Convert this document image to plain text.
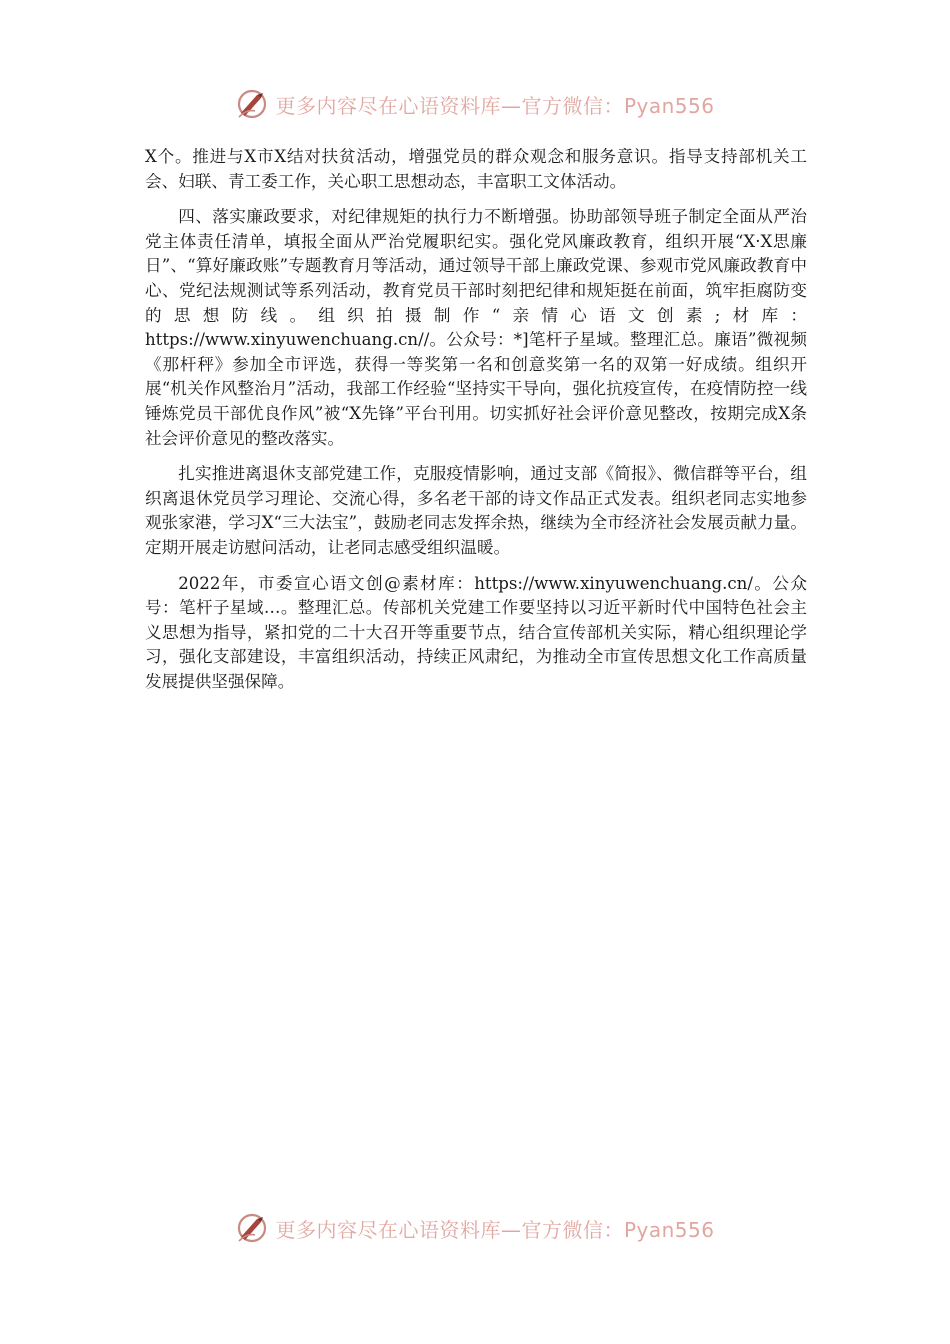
更多内容尽在心语资料库—官方微信：Pyan556

X个。推进与X市X结对扶贫活动，增强党员的群众观念和服务意识。指导支持部机关工会、妇联、青工委工作，关心职工思想动态，丰富职工文体活动。

四、落实廉政要求，对纪律规矩的执行力不断增强。协助部领导班子制定全面从严治党主体责任清单，填报全面从严治党履职纪实。强化党风廉政教育，组织开展“X·X思廉日”、“算好廉政账”专题教育月等活动，通过领导干部上廉政党课、参观市党风廉政教育中心、党纪法规测试等系列活动，教育党员干部时刻把纪律和规矩挺在前面，筑牢拒腐防变的思想防线。组织拍摄制作“亲情心语文创素;材库：https://www.xinyuwenchuang.cn//。公众号：*]笔杆子星域。整理汇总。廉语”微视频《那杆秤》参加全市评选，获得一等奖第一名和创意奖第一名的双第一好成绩。组织开展“机关作风整治月”活动，我部工作经验“坚持实干导向，强化抗疫宣传，在疫情防控一线锤炼党员干部优良作风”被“X先锋”平台刊用。切实抓好社会评价意见整改，按期完成X条社会评价意见的整改落实。

扎实推进离退休支部党建工作，克服疫情影响，通过支部《简报》、微信群等平台，组织离退休党员学习理论、交流心得，多名老干部的诗文作品正式发表。组织老同志实地参观张家港，学习X“三大法宝”，鼓励老同志发挥余热，继续为全市经济社会发展贡献力量。定期开展走访慰问活动，让老同志感受组织温暖。

2022年，市委宣心语文创@素材库：https://www.xinyuwenchuang.cn/。公众号：笔杆子星域…。整理汇总。传部机关党建工作要坚持以习近平新时代中国特色社会主义思想为指导，紧扣党的二十大召开等重要节点，结合宣传部机关实际，精心组织理论学习，强化支部建设，丰富组织活动，持续正风肃纪，为推动全市宣传思想文化工作高质量发展提供坚强保障。

更多内容尽在心语资料库—官方微信：Pyan556
